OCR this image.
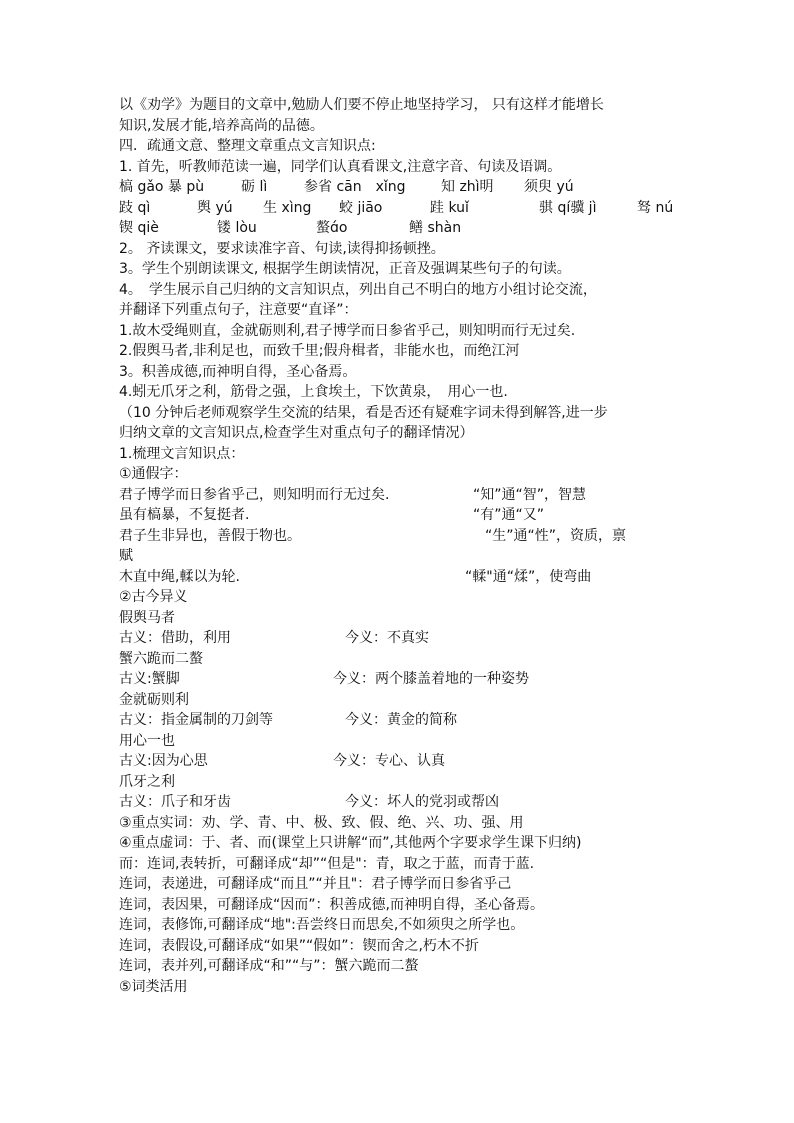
以《劝学》为题目的文章中,勉励人们要不停止地坚持学习， 只有这样才能增长
知识,发展才能,培养高尚的品德。
四．疏通文意、整理文章重点文言知识点:
1. 首先，听教师范读一遍，同学们认真看课文,注意字音、句读及语调。
槁 gǎo 暴 pù	砺 lì	参省 cān　xǐng	知 zhì明 须臾 yú
跂 qì	舆 yú 生 xìng 蛟 jiāo	跬 kuǐ	骐 qí骥 jì	驽 nú
锲 qiè	镂 lòu	螯ɑ́o	鳝 shàn
2。 齐读课文，要求读准字音、句读,读得抑扬顿挫。
3。学生个别朗读课文, 根据学生朗读情况，正音及强调某些句子的句读。
4。　学生展示自己归纳的文言知识点，列出自己不明白的地方小组讨论交流，
并翻译下列重点句子，注意要“直译”：
1.故木受绳则直，金就砺则利,君子博学而日参省乎己，则知明而行无过矣.
2.假舆马者,非利足也，而致千里;假舟楫者，非能水也，而绝江河
3。积善成德,而神明自得，圣心备焉。
4.蚓无爪牙之利，筋骨之强，上食埃土，下饮黄泉，　用心一也.
（10 分钟后老师观察学生交流的结果，看是否还有疑难字词未得到解答,进一步
归纳文章的文言知识点,检查学生对重点句子的翻译情况）
1.梳理文言知识点：
①通假字：
君子博学而日参省乎己，则知明而行无过矣.	“知”通“智”，智慧
虽有槁暴，不复挺者.	“有”通“又”
君子生非异也，善假于物也。	“生”通“性”，资质，禀
赋
木直中绳,輮以为轮.	“輮"通“煣”，使弯曲
②古今异义
假舆马者
古义：借助，利用	今义：不真实
蟹六跪而二螯
古义:蟹脚	今义：两个膝盖着地的一种姿势
金就砺则利
古义：指金属制的刀剑等	今义：黄金的简称
用心一也
古义:因为心思	今义：专心、认真
爪牙之利
古义：爪子和牙齿	今义：坏人的党羽或帮凶
③重点实词：劝、学、青、中、极、致、假、绝、兴、功、强、用
④重点虚词：于、者、而(课堂上只讲解“而”,其他两个字要求学生课下归纳)
而：连词,表转折，可翻译成“却”“但是"：青，取之于蓝，而青于蓝.
连词，表递进，可翻译成“而且”“并且"：君子博学而日参省乎己
连词，表因果，可翻译成“因而”：积善成德,而神明自得，圣心备焉。
连词，表修饰,可翻译成“地":吾尝终日而思矣,不如须臾之所学也。
连词，表假设,可翻译成“如果”“假如”：锲而舍之,朽木不折
连词，表并列,可翻译成“和”“与”：蟹六跪而二螯
⑤词类活用
